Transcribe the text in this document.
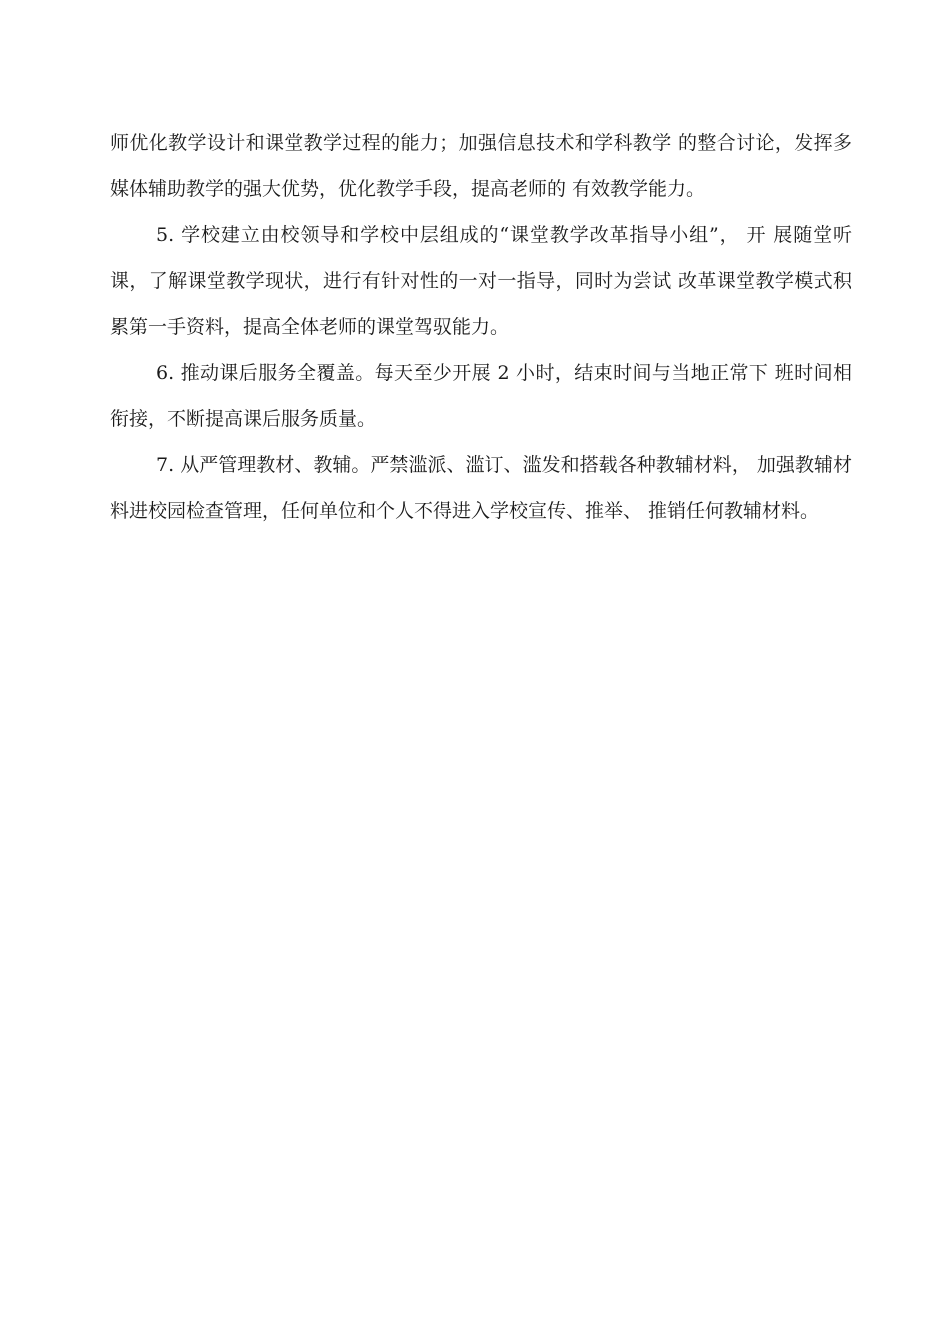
师优化教学设计和课堂教学过程的能力；加强信息技术和学科教学 的整合讨论，发挥多媒体辅助教学的强大优势，优化教学手段，提高老师的 有效教学能力。

5. 学校建立由校领导和学校中层组成的“课堂教学改革指导小组”， 开 展随堂听课，了解课堂教学现状，进行有针对性的一对一指导，同时为尝试 改革课堂教学模式积累第一手资料，提高全体老师的课堂驾驭能力。

6. 推动课后服务全覆盖。每天至少开展 2 小时，结束时间与当地正常下 班时间相衔接，不断提高课后服务质量。

7. 从严管理教材、教辅。严禁滥派、滥订、滥发和搭载各种教辅材料， 加强教辅材料进校园检查管理，任何单位和个人不得进入学校宣传、推举、 推销任何教辅材料。
